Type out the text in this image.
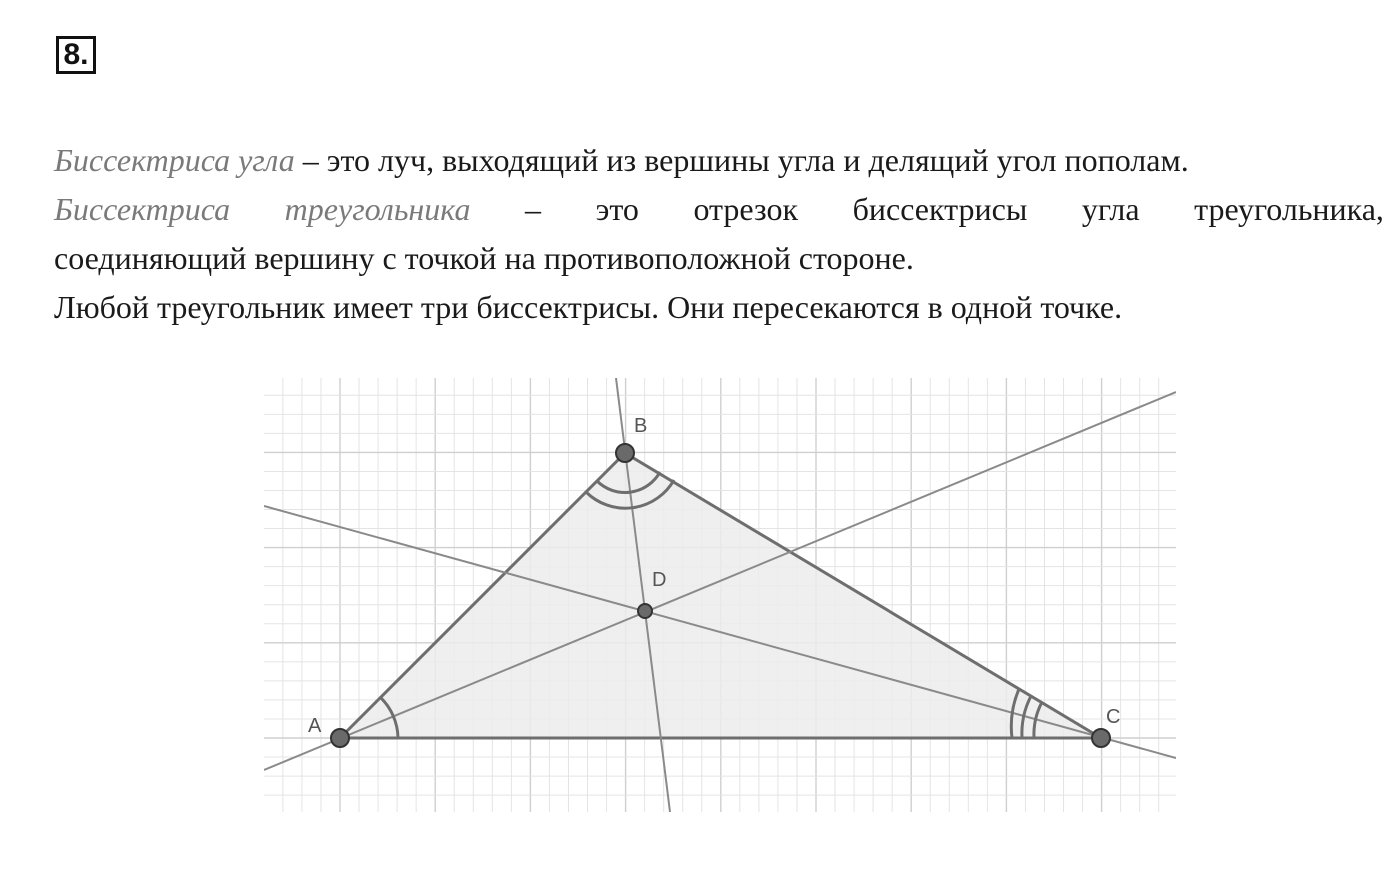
8.
Биссектриса угла – это луч, выходящий из вершины угла и делящий угол пополам.
Биссектриса треугольника – это отрезок биссектрисы угла треугольника,
соединяющий вершину с точкой на противоположной стороне.
Любой треугольник имеет три биссектрисы. Они пересекаются в одной точке.
A
B
C
D
